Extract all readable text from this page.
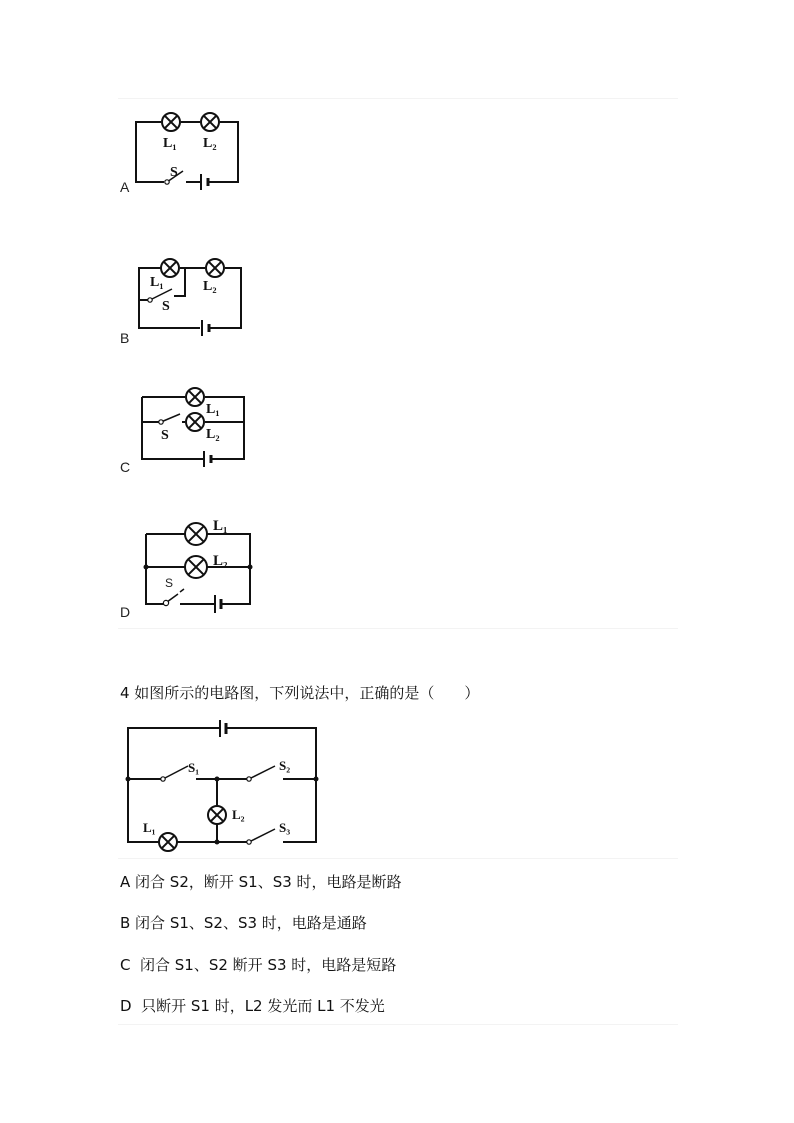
A
B
C
D
L₁ L₂
S
L₁	L₂
S
L₁
L₂
S
L₁
L₂
S
S₁	S₂
S₃
L₁
L₂
4 如图所示的电路图，下列说法中，正确的是（　　）
A 闭合 S2，断开 S1、S3 时，电路是断路
B 闭合 S1、S2、S3 时，电路是通路
C  闭合 S1、S2 断开 S3 时，电路是短路
D  只断开 S1 时，L2 发光而 L1 不发光
